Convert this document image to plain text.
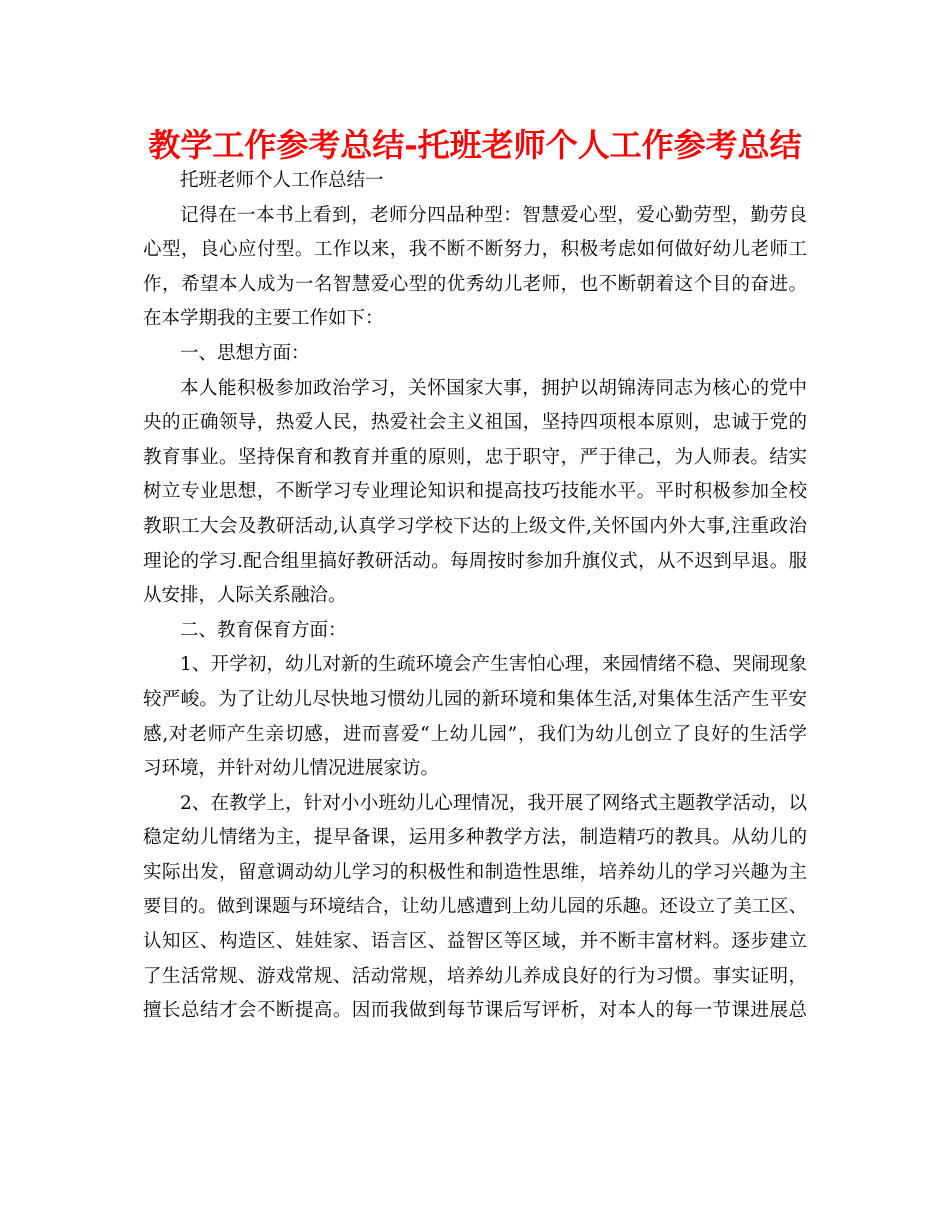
教学工作参考总结-托班老师个人工作参考总结
托班老师个人工作总结一
记得在一本书上看到，老师分四品种型：智慧爱心型，爱心勤劳型，勤劳良
心型，良心应付型。工作以来，我不断不断努力，积极考虑如何做好幼儿老师工
作，希望本人成为一名智慧爱心型的优秀幼儿老师，也不断朝着这个目的奋进。
在本学期我的主要工作如下：
一、思想方面：
本人能积极参加政治学习，关怀国家大事，拥护以胡锦涛同志为核心的党中
央的正确领导，热爱人民，热爱社会主义祖国，坚持四项根本原则，忠诚于党的
教育事业。坚持保育和教育并重的原则，忠于职守，严于律己，为人师表。结实
树立专业思想，不断学习专业理论知识和提高技巧技能水平。平时积极参加全校
教职工大会及教研活动,认真学习学校下达的上级文件,关怀国内外大事,注重政治
理论的学习.配合组里搞好教研活动。每周按时参加升旗仪式，从不迟到早退。服
从安排，人际关系融洽。
二、教育保育方面：
1、开学初，幼儿对新的生疏环境会产生害怕心理，来园情绪不稳、哭闹现象
较严峻。为了让幼儿尽快地习惯幼儿园的新环境和集体生活,对集体生活产生平安
感,对老师产生亲切感，进而喜爱“上幼儿园”，我们为幼儿创立了良好的生活学
习环境，并针对幼儿情况进展家访。
2、在教学上，针对小小班幼儿心理情况，我开展了网络式主题教学活动，以
稳定幼儿情绪为主，提早备课，运用多种教学方法，制造精巧的教具。从幼儿的
实际出发，留意调动幼儿学习的积极性和制造性思维，培养幼儿的学习兴趣为主
要目的。做到课题与环境结合，让幼儿感遭到上幼儿园的乐趣。还设立了美工区、
认知区、构造区、娃娃家、语言区、益智区等区域，并不断丰富材料。逐步建立
了生活常规、游戏常规、活动常规，培养幼儿养成良好的行为习惯。事实证明，
擅长总结才会不断提高。因而我做到每节课后写评析，对本人的每一节课进展总
